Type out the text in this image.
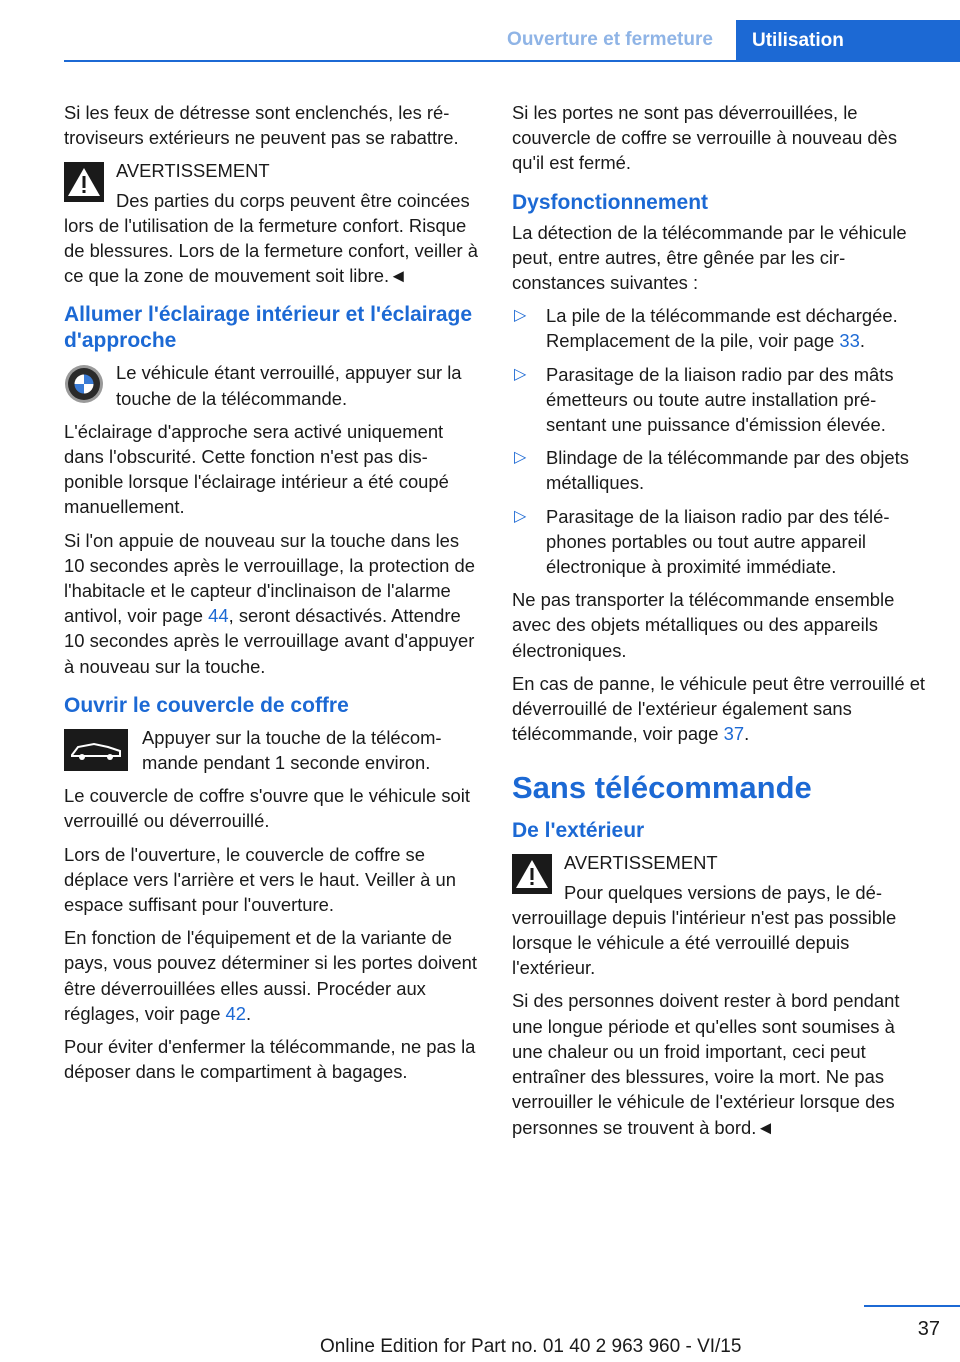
Ouverture et fermeture	Utilisation

Si les feux de détresse sont enclenchés, les rétroviseurs extérieurs ne peuvent pas se rabattre.

AVERTISSEMENT

Des parties du corps peuvent être coincées lors de l'utilisation de la fermeture confort. Risque de blessures. Lors de la fermeture confort, veiller à ce que la zone de mouvement soit libre.◄

Allumer l'éclairage intérieur et l'éclairage d'approche

Le véhicule étant verrouillé, appuyer sur la touche de la télécommande.

L'éclairage d'approche sera activé uniquement dans l'obscurité. Cette fonction n'est pas disponible lorsque l'éclairage intérieur a été coupé manuellement.

Si l'on appuie de nouveau sur la touche dans les 10 secondes après le verrouillage, la protection de l'habitacle et le capteur d'inclinaison de l'alarme antivol, voir page 44, seront désactivés. Attendre 10 secondes après le verrouillage avant d'appuyer à nouveau sur la touche.

Ouvrir le couvercle de coffre

Appuyer sur la touche de la télécommande pendant 1 seconde environ.

Le couvercle de coffre s'ouvre que le véhicule soit verrouillé ou déverrouillé.

Lors de l'ouverture, le couvercle de coffre se déplace vers l'arrière et vers le haut. Veiller à un espace suffisant pour l'ouverture.

En fonction de l'équipement et de la variante de pays, vous pouvez déterminer si les portes doivent être déverrouillées elles aussi. Procéder aux réglages, voir page 42.

Pour éviter d'enfermer la télécommande, ne pas la déposer dans le compartiment à bagages.

Si les portes ne sont pas déverrouillées, le couvercle de coffre se verrouille à nouveau dès qu'il est fermé.

Dysfonctionnement

La détection de la télécommande par le véhicule peut, entre autres, être gênée par les circonstances suivantes :

▷ La pile de la télécommande est déchargée. Remplacement de la pile, voir page 33.
▷ Parasitage de la liaison radio par des mâts émetteurs ou toute autre installation présentant une puissance d'émission élevée.
▷ Blindage de la télécommande par des objets métalliques.
▷ Parasitage de la liaison radio par des téléphones portables ou tout autre appareil électronique à proximité immédiate.

Ne pas transporter la télécommande ensemble avec des objets métalliques ou des appareils électroniques.

En cas de panne, le véhicule peut être verrouillé et déverrouillé de l'extérieur également sans télécommande, voir page 37.

Sans télécommande
De l'extérieur

AVERTISSEMENT

Pour quelques versions de pays, le déverrouillage depuis l'intérieur n'est pas possible lorsque le véhicule a été verrouillé depuis l'extérieur.

Si des personnes doivent rester à bord pendant une longue période et qu'elles sont soumises à une chaleur ou un froid important, ceci peut entraîner des blessures, voire la mort. Ne pas verrouiller le véhicule de l'extérieur lorsque des personnes se trouvent à bord.◄

37
Online Edition for Part no. 01 40 2 963 960 - VI/15
